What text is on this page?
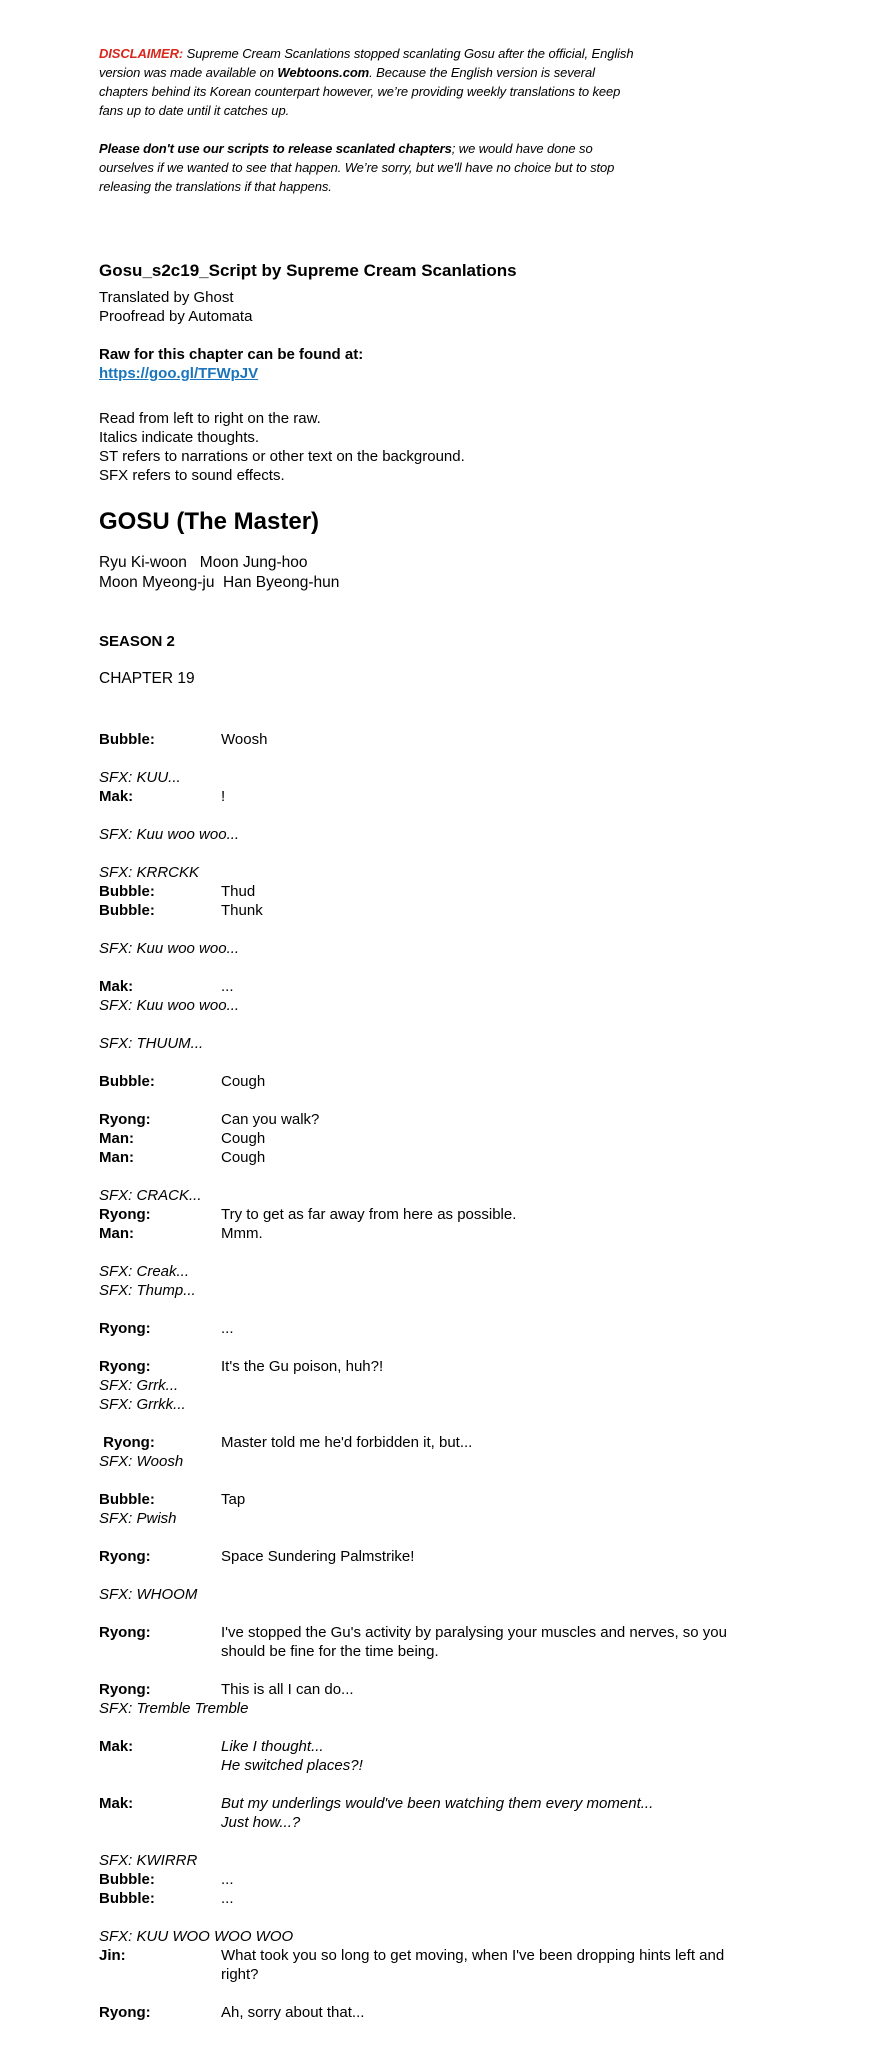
DISCLAIMER: Supreme Cream Scanlations stopped scanlating Gosu after the official, English version was made available on Webtoons.com. Because the English version is several chapters behind its Korean counterpart however, we’re providing weekly translations to keep fans up to date until it catches up.

Please don't use our scripts to release scanlated chapters; we would have done so ourselves if we wanted to see that happen. We’re sorry, but we'll have no choice but to stop releasing the translations if that happens.

Gosu_s2c19_Script by Supreme Cream Scanlations
Translated by Ghost
Proofread by Automata
Raw for this chapter can be found at:
https://goo.gl/TFWpJV
Read from left to right on the raw.
Italics indicate thoughts.
ST refers to narrations or other text on the background.
SFX refers to sound effects.
GOSU (The Master)
Ryu Ki-woon   Moon Jung-hoo
Moon Myeong-ju  Han Byeong-hun
SEASON 2
CHAPTER 19
Bubble:	Woosh
SFX: KUU...
Mak:	!
SFX: Kuu woo woo...
SFX: KRRCKK
Bubble:	Thud
Bubble:	Thunk
SFX: Kuu woo woo...
Mak:	...
SFX: Kuu woo woo...
SFX: THUUM...
Bubble:	Cough
Ryong:	Can you walk?
Man:	Cough
Man:	Cough
SFX: CRACK...
Ryong:	Try to get as far away from here as possible.
Man:	Mmm.
SFX: Creak...
SFX: Thump...
Ryong:	...
Ryong:	It's the Gu poison, huh?!
SFX: Grrk...
SFX: Grrkk...
Ryong:	Master told me he'd forbidden it, but...
SFX: Woosh
Bubble:	Tap
SFX: Pwish
Ryong:	Space Sundering Palmstrike!
SFX: WHOOM
Ryong:	I've stopped the Gu's activity by paralysing your muscles and nerves, so you
should be fine for the time being.
Ryong:	This is all I can do...
SFX: Tremble Tremble
Mak:	Like I thought...
He switched places?!
Mak:	But my underlings would've been watching them every moment...
Just how...?
SFX: KWIRRR
Bubble:	...
Bubble:	...
SFX: KUU WOO WOO WOO
Jin:	What took you so long to get moving, when I've been dropping hints left and
right?
Ryong:	Ah, sorry about that...
